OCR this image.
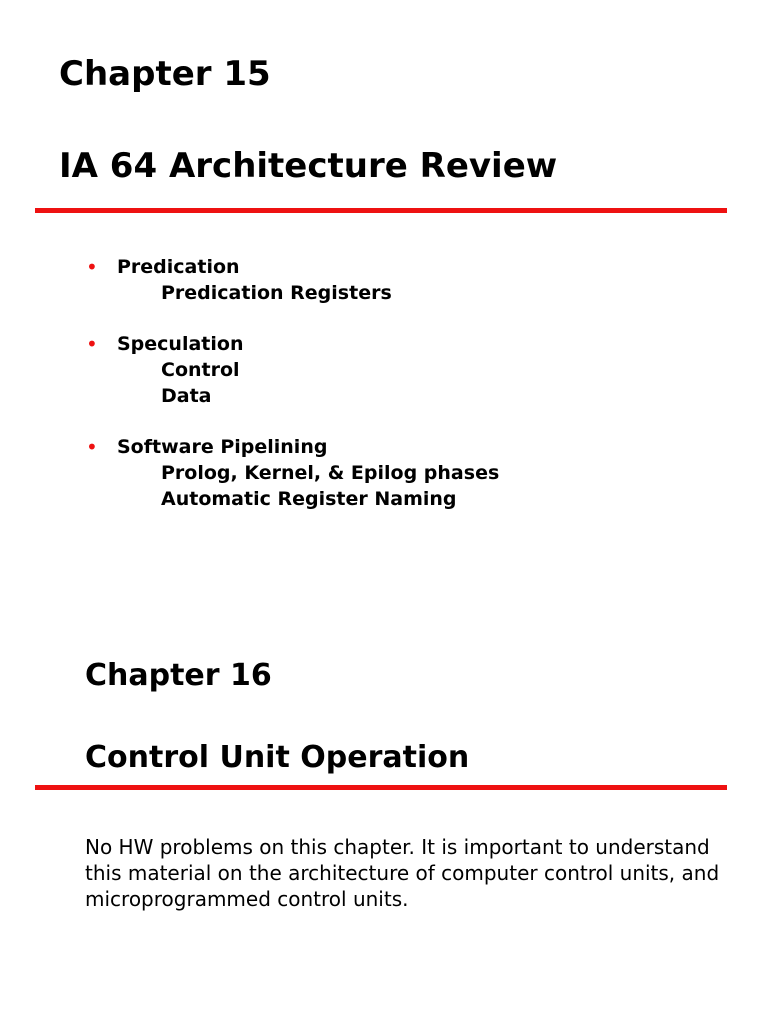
Chapter 15
IA 64 Architecture Review
• Predication
Predication Registers
• Speculation
Control
Data
• Software Pipelining
Prolog, Kernel, & Epilog phases
Automatic Register Naming
Chapter 16
Control Unit Operation

No HW problems on this chapter. It is important to understand this material on the architecture of computer control units, and microprogrammed control units.
